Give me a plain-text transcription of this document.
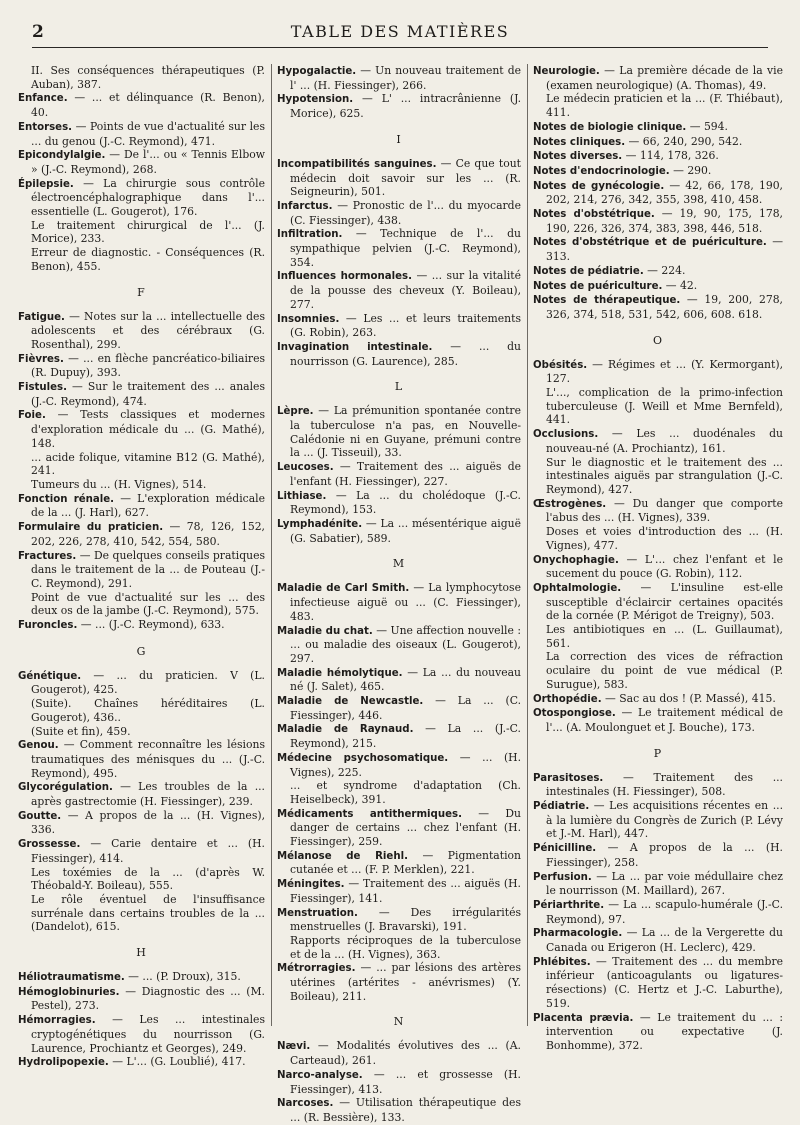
2	TABLE DES MATIÈRES

II. Ses conséquences thérapeutiques (P. Auban), 387.

Enfance. — ... et délinquance (R. Benon), 40.

Entorses. — Points de vue d'actualité sur les ... du genou (J.-C. Reymond), 471.

Epicondylalgie. — De l'... ou « Tennis Elbow » (J.-C. Reymond), 268.

Épilepsie. — La chirurgie sous contrôle électroencéphalographique dans l'... essentielle (L. Gougerot), 176.

Le traitement chirurgical de l'... (J. Morice), 233.

Erreur de diagnostic. - Conséquences (R. Benon), 455.

F

Fatigue. — Notes sur la ... intellectuelle des adolescents et des cérébraux (G. Rosenthal), 299.

Fièvres. — ... en flèche pancréatico-biliaires (R. Dupuy), 393.

Fistules. — Sur le traitement des ... anales (J.-C. Reymond), 474.

Foie. — Tests classiques et modernes d'exploration médicale du ... (G. Mathé), 148.

... acide folique, vitamine B12 (G. Mathé), 241.

Tumeurs du ... (H. Vignes), 514.

Fonction rénale. — L'exploration médicale de la ... (J. Harl), 627.

Formulaire du praticien. — 78, 126, 152, 202, 226, 278, 410, 542, 554, 580.

Fractures. — De quelques conseils pratiques dans le traitement de la ... de Pouteau (J.-C. Reymond), 291.

Point de vue d'actualité sur les ... des deux os de la jambe (J.-C. Reymond), 575.

Furoncles. — ... (J.-C. Reymond), 633.

G

Génétique. — ... du praticien. V (L. Gougerot), 425.

(Suite). Chaînes héréditaires (L. Gougerot), 436..

(Suite et fin), 459.

Genou. — Comment reconnaître les lésions traumatiques des ménisques du ... (J.-C. Reymond), 495.

Glycorégulation. — Les troubles de la ... après gastrectomie (H. Fiessinger), 239.

Goutte. — A propos de la ... (H. Vignes), 336.

Grossesse. — Carie dentaire et ... (H. Fiessinger), 414.

Les toxémies de la ... (d'après W. Théobald-Y. Boileau), 555.

Le rôle éventuel de l'insuffisance surrénale dans certains troubles de la ... (Dandelot), 615.

H

Héliotraumatisme. — ... (P. Droux), 315.

Hémoglobinuries. — Diagnostic des ... (M. Pestel), 273.

Hémorragies. — Les ... intestinales cryptogénétiques du nourrisson (G. Laurence, Prochiantz et Georges), 249.

Hydrolipopexie. — L'... (G. Loublié), 417.

Hypogalactie. — Un nouveau traitement de l' ... (H. Fiessinger), 266.

Hypotension. — L' ... intracrânienne (J. Morice), 625.

I

Incompatibilités sanguines. — Ce que tout médecin doit savoir sur les ... (R. Seigneurin), 501.

Infarctus. — Pronostic de l'... du myocarde (C. Fiessinger), 438.

Infiltration. — Technique de l'... du sympathique pelvien (J.-C. Reymond), 354.

Influences hormonales. — ... sur la vitalité de la pousse des cheveux (Y. Boileau), 277.

Insomnies. — Les ... et leurs traitements (G. Robin), 263.

Invagination intestinale. — ... du nourrisson (G. Laurence), 285.

L

Lèpre. — La prémunition spontanée contre la tuberculose n'a pas, en Nouvelle-Calédonie ni en Guyane, prémuni contre la ... (J. Tisseuil), 33.

Leucoses. — Traitement des ... aiguës de l'enfant (H. Fiessinger), 227.

Lithiase. — La ... du cholédoque (J.-C. Reymond), 153.

Lymphadénite. — La ... mésentérique aiguë (G. Sabatier), 589.

M

Maladie de Carl Smith. — La lymphocytose infectieuse aiguë ou ... (C. Fiessinger), 483.

Maladie du chat. — Une affection nouvelle : ... ou maladie des oiseaux (L. Gougerot), 297.

Maladie hémolytique. — La ... du nouveau né (J. Salet), 465.

Maladie de Newcastle. — La ... (C. Fiessinger), 446.

Maladie de Raynaud. — La ... (J.-C. Reymond), 215.

Médecine psychosomatique. — ... (H. Vignes), 225.

... et syndrome d'adaptation (Ch. Heiselbeck), 391.

Médicaments antithermiques. — Du danger de certains ... chez l'enfant (H. Fiessinger), 259.

Mélanose de Riehl. — Pigmentation cutanée et ... (F. P. Merklen), 221.

Méningites. — Traitement des ... aiguës (H. Fiessinger), 141.

Menstruation. — Des irrégularités menstruelles (J. Bravarski), 191.

Rapports réciproques de la tuberculose et de la ... (H. Vignes), 363.

Métrorragies. — ... par lésions des artères utérines (artérites - anévrismes) (Y. Boileau), 211.

N

Nævi. — Modalités évolutives des ... (A. Carteaud), 261.

Narco-analyse. — ... et grossesse (H. Fiessinger), 413.

Narcoses. — Utilisation thérapeutique des ... (R. Bessière), 133.

Neurologie. — La première décade de la vie (examen neurologique) (A. Thomas), 49.

Le médecin praticien et la ... (F. Thiébaut), 411.

Notes de biologie clinique. — 594.

Notes cliniques. — 66, 240, 290, 542.

Notes diverses. — 114, 178, 326.

Notes d'endocrinologie. — 290.

Notes de gynécologie. — 42, 66, 178, 190, 202, 214, 276, 342, 355, 398, 410, 458.

Notes d'obstétrique. — 19, 90, 175, 178, 190, 226, 326, 374, 383, 398, 446, 518.

Notes d'obstétrique et de puériculture. — 313.

Notes de pédiatrie. — 224.

Notes de puériculture. — 42.

Notes de thérapeutique. — 19, 200, 278, 326, 374, 518, 531, 542, 606, 608. 618.

O

Obésités. — Régimes et ... (Y. Kermorgant), 127.

L'..., complication de la primo-infection tuberculeuse (J. Weill et Mme Bernfeld), 441.

Occlusions. — Les ... duodénales du nouveau-né (A. Prochiantz), 161.

Sur le diagnostic et le traitement des ... intestinales aiguës par strangulation (J.-C. Reymond), 427.

Œstrogènes. — Du danger que comporte l'abus des ... (H. Vignes), 339.

Doses et voies d'introduction des ... (H. Vignes), 477.

Onychophagie. — L'... chez l'enfant et le sucement du pouce (G. Robin), 112.

Ophtalmologie. — L'insuline est-elle susceptible d'éclaircir certaines opacités de la cornée (P. Mérigot de Treigny), 503.

Les antibiotiques en ... (L. Guillaumat), 561.

La correction des vices de réfraction oculaire du point de vue médical (P. Surugue), 583.

Orthopédie. — Sac au dos ! (P. Massé), 415.

Otospongiose. — Le traitement médical de l'... (A. Moulonguet et J. Bouche), 173.

P

Parasitoses. — Traitement des ... intestinales (H. Fiessinger), 508.

Pédiatrie. — Les acquisitions récentes en ... à la lumière du Congrès de Zurich (P. Lévy et J.-M. Harl), 447.

Pénicilline. — A propos de la ... (H. Fiessinger), 258.

Perfusion. — La ... par voie médullaire chez le nourrisson (M. Maillard), 267.

Périarthrite. — La ... scapulo-humérale (J.-C. Reymond), 97.

Pharmacologie. — La ... de la Vergerette du Canada ou Erigeron (H. Leclerc), 429.

Phlébites. — Traitement des ... du membre inférieur (anticoagulants ou ligatures-résections) (C. Hertz et J.-C. Laburthe), 519.

Placenta prævia. — Le traitement du ... : intervention ou expectative (J. Bonhomme), 372.
